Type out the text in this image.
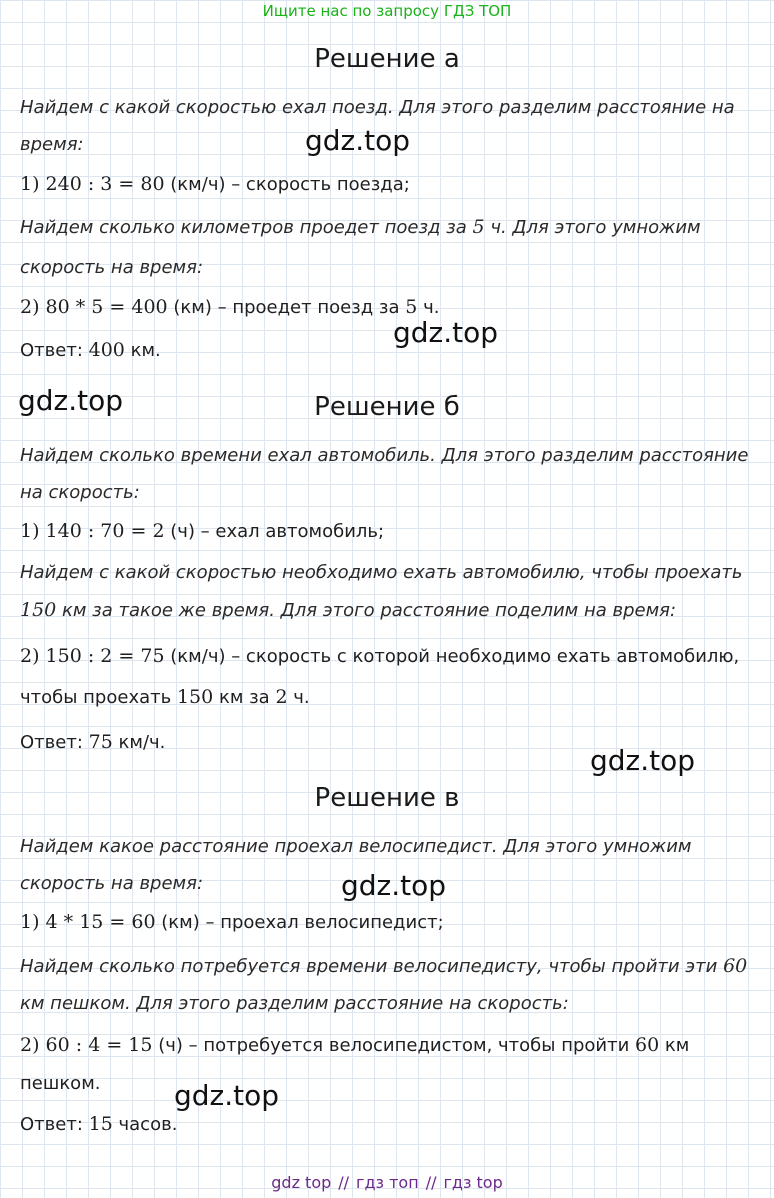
Ищите нас по запросу ГДЗ ТОП
Решение а
Найдем с какой скоростью ехал поезд. Для этого разделим расстояние на
время:	gdz.top
1) 240 : 3 = 80 (км/ч) – скорость поезда;
Найдем сколько километров проедет поезд за 5 ч. Для этого умножим
скорость на время:
2) 80 * 5 = 400 (км) – проедет поезд за 5 ч.
gdz.top
Ответ: 400 км.
gdz.top	Решение б
Найдем сколько времени ехал автомобиль. Для этого разделим расстояние
на скорость:
1) 140 : 70 = 2 (ч) – ехал автомобиль;
Найдем с какой скоростью необходимо ехать автомобилю, чтобы проехать
150 км за такое же время. Для этого расстояние поделим на время:
2) 150 : 2 = 75 (км/ч) – скорость с которой необходимо ехать автомобилю,
чтобы проехать 150 км за 2 ч.
Ответ: 75 км/ч.
gdz.top
Решение в
Найдем какое расстояние проехал велосипедист. Для этого умножим
скорость на время:	gdz.top
1) 4 * 15 = 60 (км) – проехал велосипедист;
Найдем сколько потребуется времени велосипедисту, чтобы пройти эти 60
км пешком. Для этого разделим расстояние на скорость:
2) 60 : 4 = 15 (ч) – потребуется велосипедистом, чтобы пройти 60 км
пешком.	gdz.top
Ответ: 15 часов.
gdz top // гдз топ // гдз top
